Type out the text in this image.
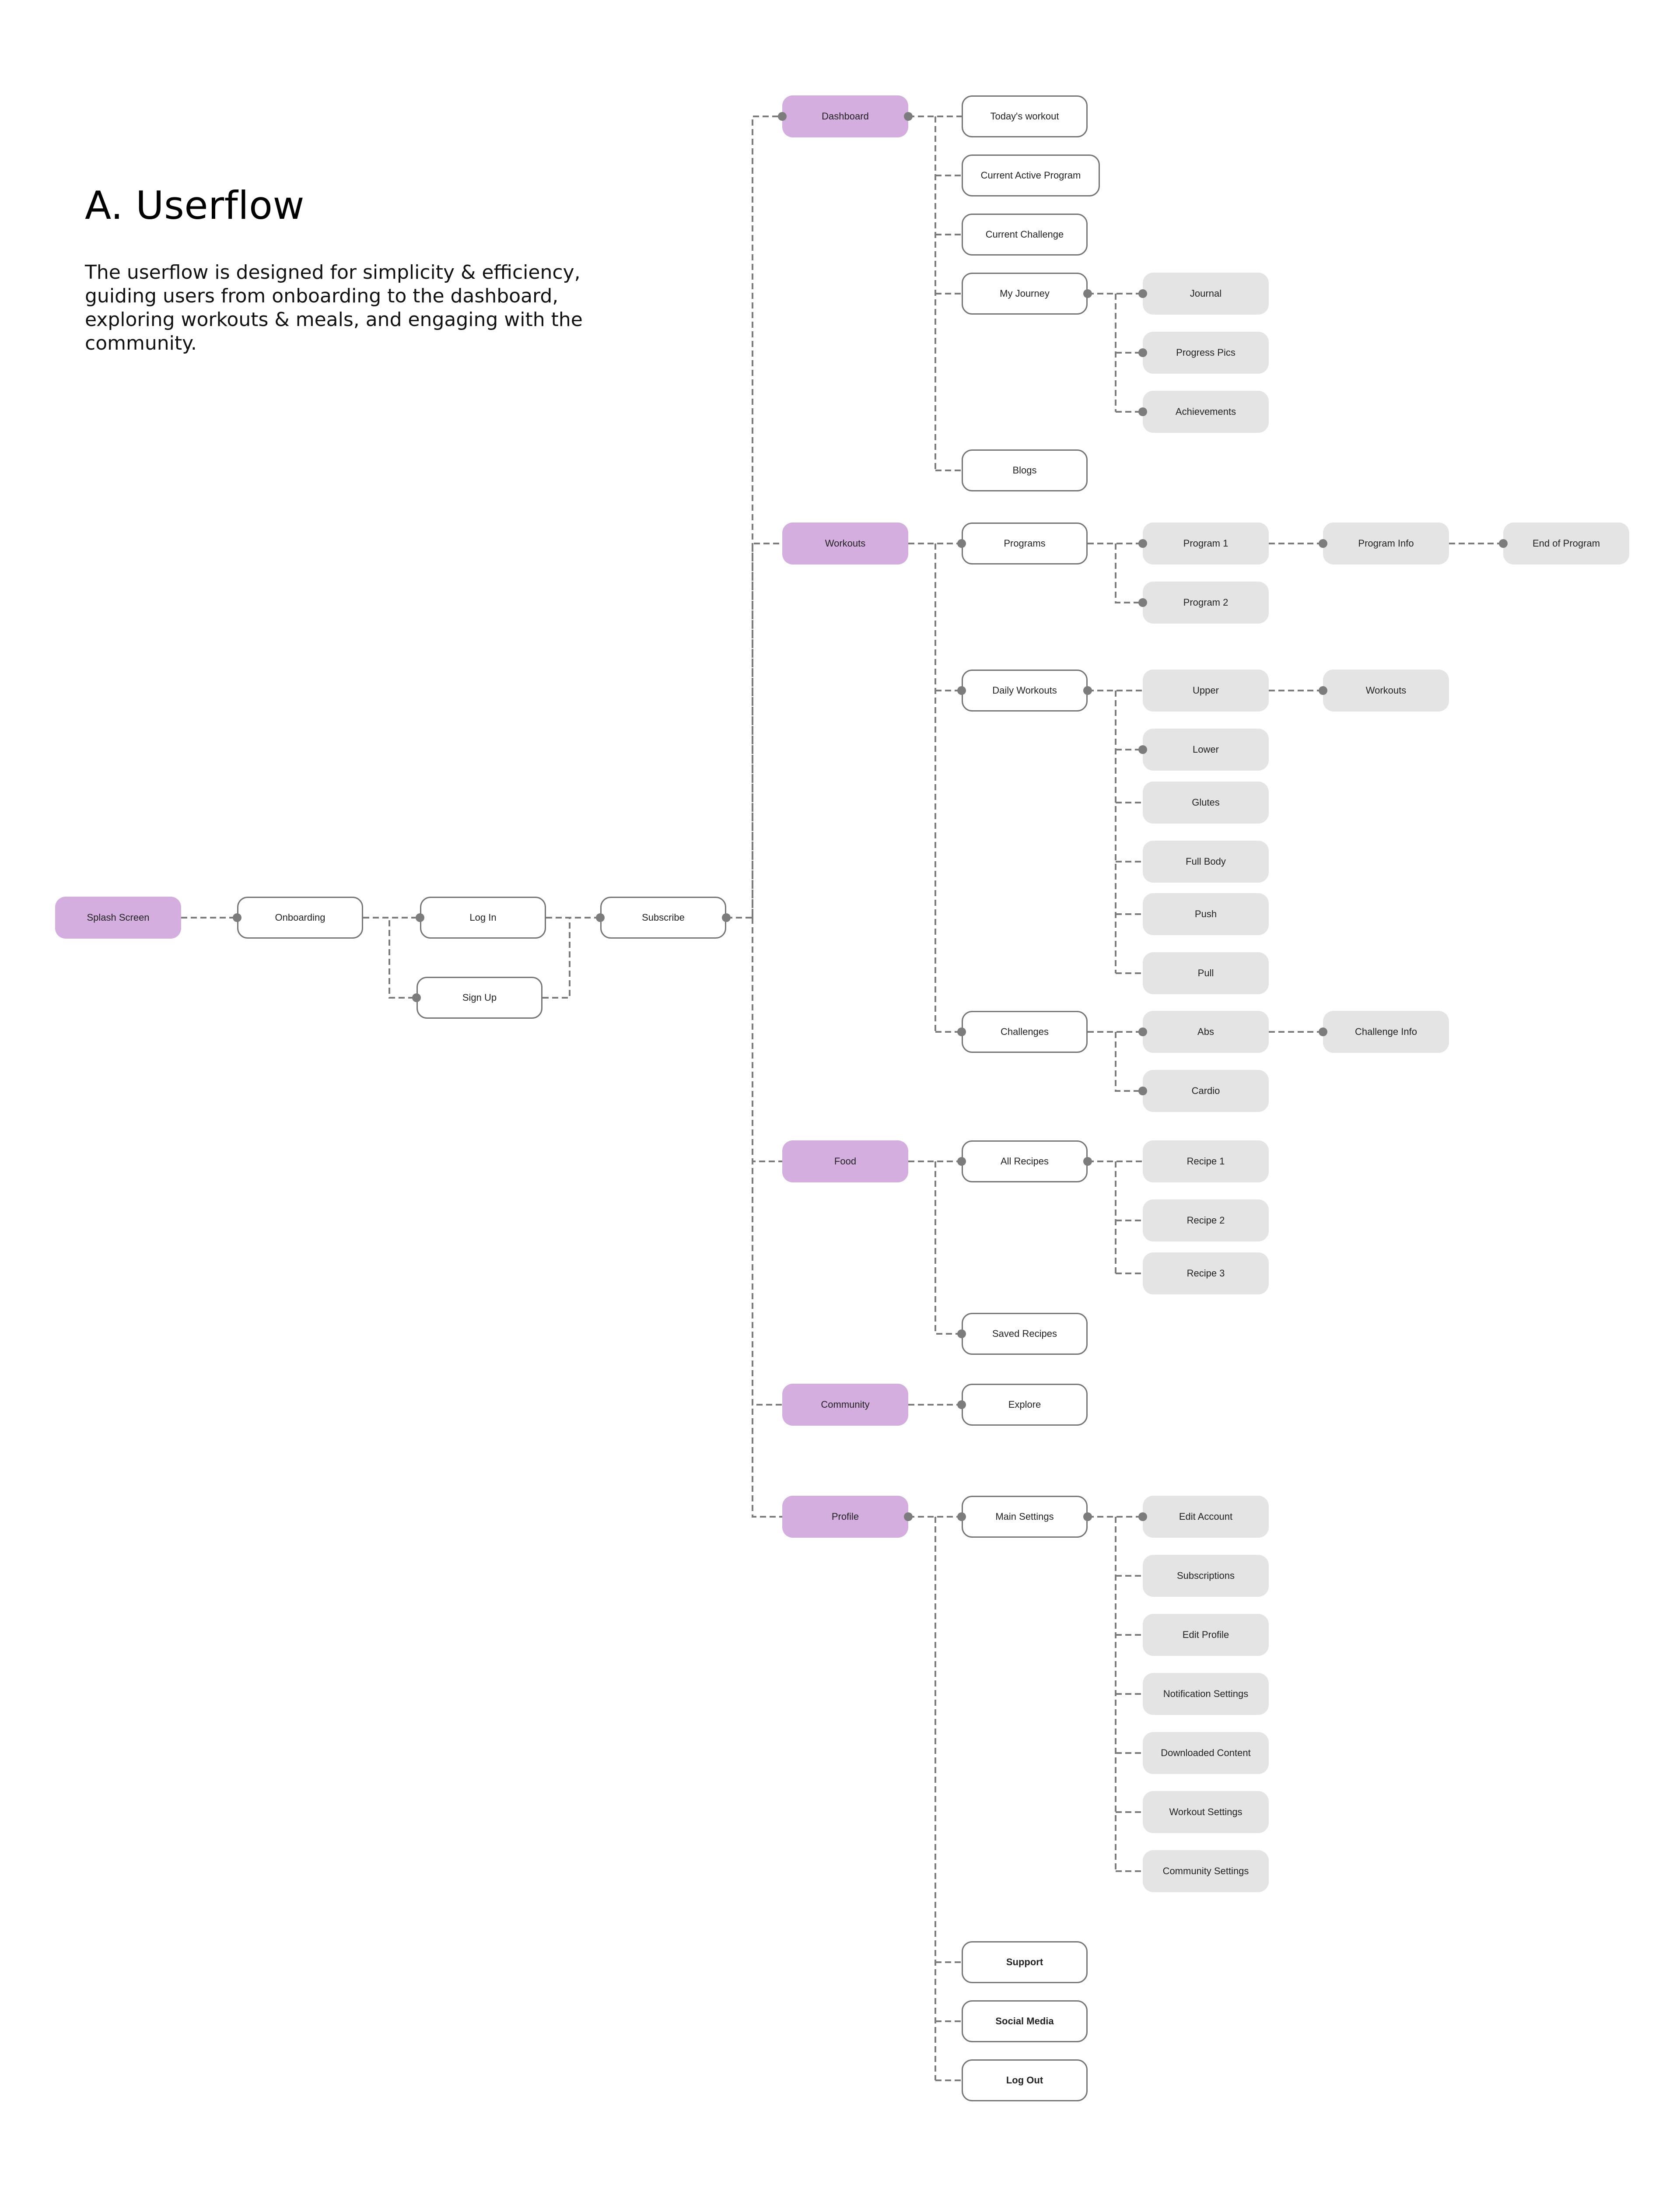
A. Userflow

The userflow is designed for simplicity & efficiency, guiding users from onboarding to the dashboard, exploring workouts & meals, and engaging with the community.

Splash Screen	Onboarding	Log In
Sign Up
Subscribe
Dashboard
Workouts
Food
Community
Profile
Today's workout
Current Active Program
Current Challenge
My Journey
Blogs
Programs
Daily Workouts
Challenges
All Recipes
Saved Recipes
Explore
Main Settings
Support
Social Media
Log Out
Journal
Progress Pics
Achievements
Program 1
Program 2
Upper
Lower
Glutes
Full Body
Push
Pull
Abs
Cardio
Recipe 1
Recipe 2
Recipe 3
Edit Account
Subscriptions
Edit Profile
Notification Settings
Downloaded Content
Workout Settings
Community Settings
Program Info
Workouts
Challenge Info
End of Program
